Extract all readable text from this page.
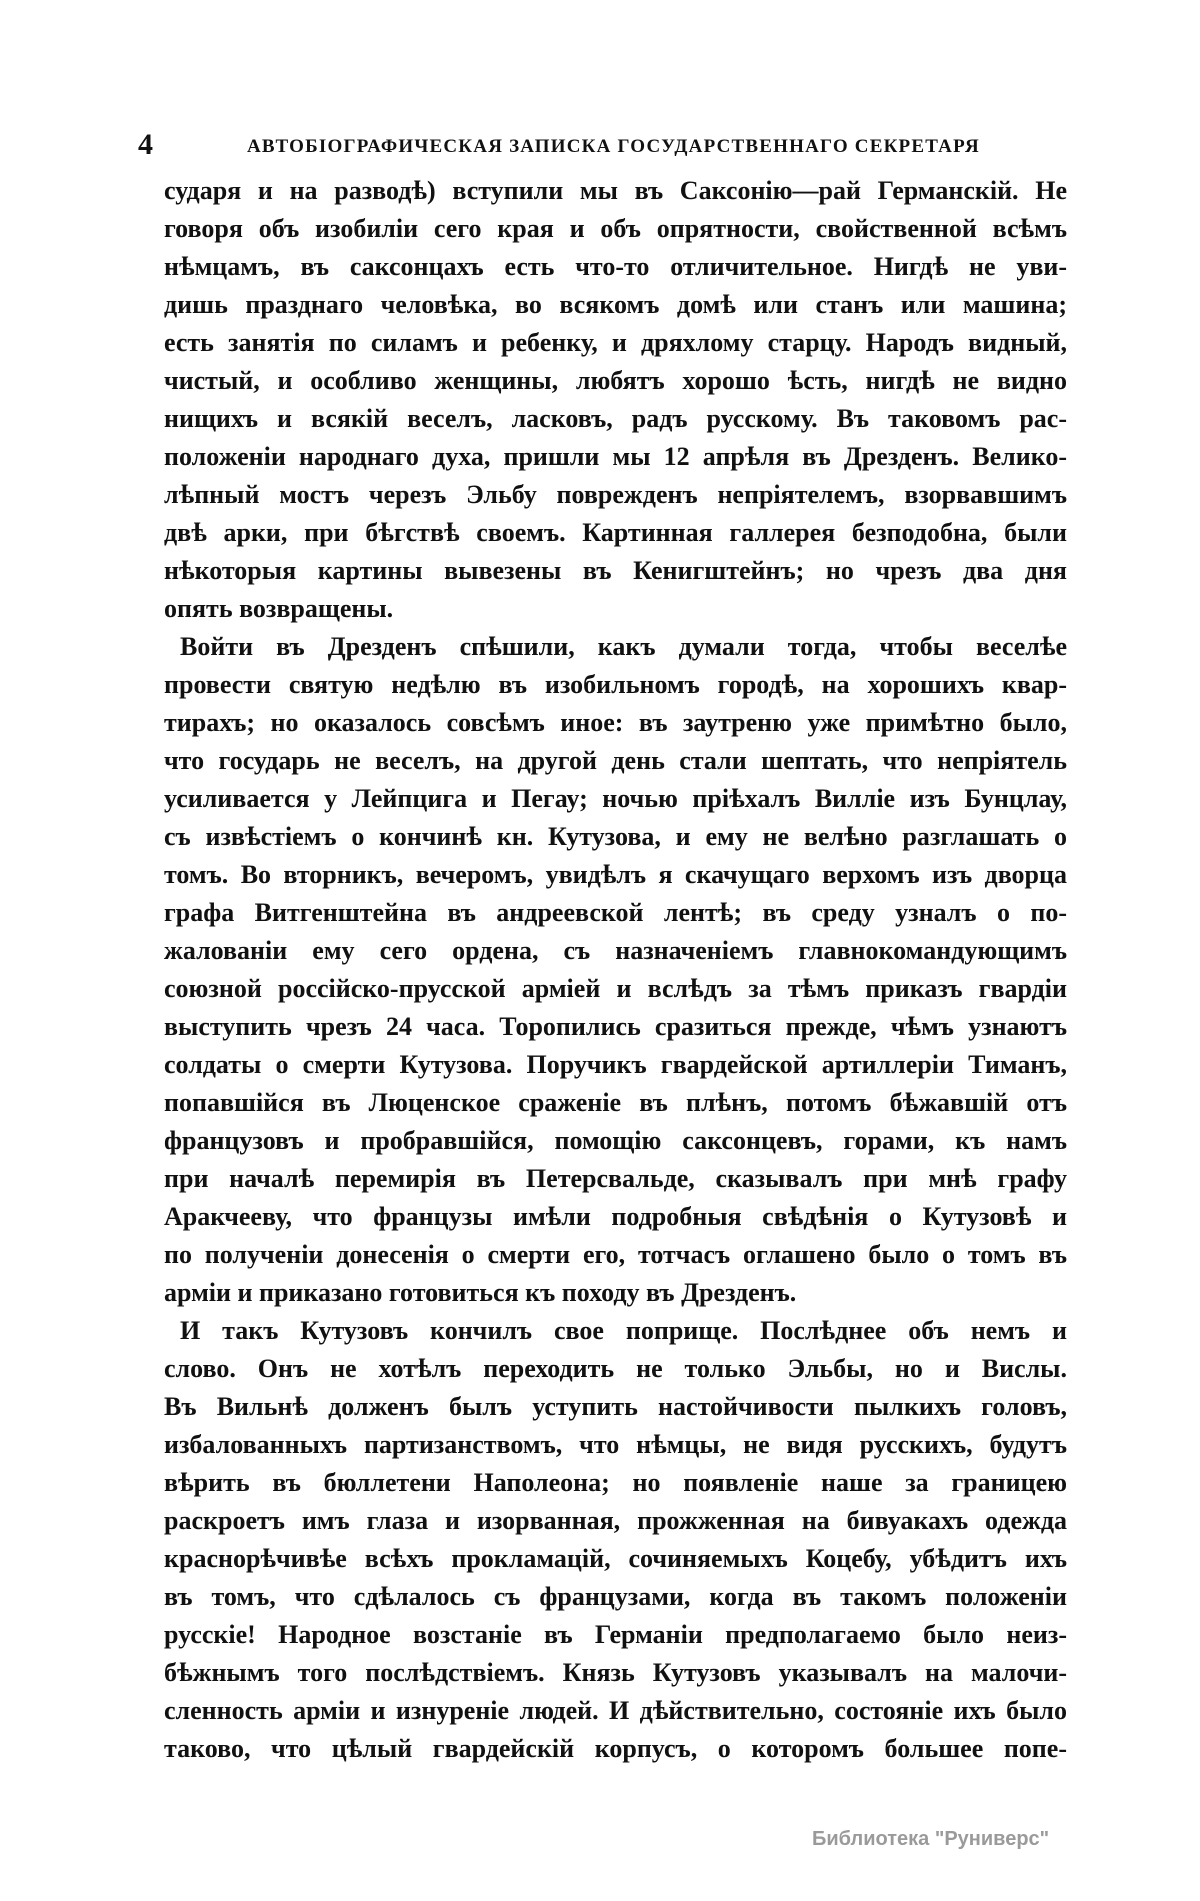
4	АВТОБІОГРАФИЧЕСКАЯ ЗАПИСКА ГОСУДАРСТВЕННАГО СЕКРЕТАРЯ
сударя и на разводѣ) вступили мы въ Саксонію—рай Германскій. Не
говоря объ изобиліи сего края и объ опрятности, свойственной всѣмъ
нѣмцамъ, въ саксонцахъ есть что-то отличительное. Нигдѣ не уви-
дишь празднаго человѣка, во всякомъ домѣ или станъ или машина;
есть занятія по силамъ и ребенку, и дряхлому старцу. Народъ видный,
чистый, и особливо женщины, любятъ хорошо ѣсть, нигдѣ не видно
нищихъ и всякій веселъ, ласковъ, радъ русскому. Въ таковомъ рас-
положеніи народнаго духа, пришли мы 12 апрѣля въ Дрезденъ. Велико-
лѣпный мостъ черезъ Эльбу поврежденъ непріятелемъ, взорвавшимъ
двѣ арки, при бѣгствѣ своемъ. Картинная галлерея безподобна, были
нѣкоторыя картины вывезены въ Кенигштейнъ; но чрезъ два дня
опять возвращены.
Войти въ Дрезденъ спѣшили, какъ думали тогда, чтобы веселѣе
провести святую недѣлю въ изобильномъ городѣ, на хорошихъ квар-
тирахъ; но оказалось совсѣмъ иное: въ заутреню уже примѣтно было,
что государь не веселъ, на другой день стали шептать, что непріятель
усиливается у Лейпцига и Пегау; ночью пріѣхалъ Вилліе изъ Бунцлау,
съ извѣстіемъ о кончинѣ кн. Кутузова, и ему не велѣно разглашать о
томъ. Во вторникъ, вечеромъ, увидѣлъ я скачущаго верхомъ изъ дворца
графа Витгенштейна въ андреевской лентѣ; въ среду узналъ о по-
жалованіи ему сего ордена, съ назначеніемъ главнокомандующимъ
союзной россійско-прусской арміей и вслѣдъ за тѣмъ приказъ гвардіи
выступить чрезъ 24 часа. Торопились сразиться прежде, чѣмъ узнаютъ
солдаты о смерти Кутузова. Поручикъ гвардейской артиллеріи Тиманъ,
попавшійся въ Люценское сраженіе въ плѣнъ, потомъ бѣжавшій отъ
французовъ и пробравшійся, помощію саксонцевъ, горами, къ намъ
при началѣ перемирія въ Петерсвальде, сказывалъ при мнѣ графу
Аракчееву, что французы имѣли подробныя свѣдѣнія о Кутузовѣ и
по полученіи донесенія о смерти его, тотчасъ оглашено было о томъ въ
арміи и приказано готовиться къ походу въ Дрезденъ.
И такъ Кутузовъ кончилъ свое поприще. Послѣднее объ немъ и
слово. Онъ не хотѣлъ переходить не только Эльбы, но и Вислы.
Въ Вильнѣ долженъ былъ уступить настойчивости пылкихъ головъ,
избалованныхъ партизанствомъ, что нѣмцы, не видя русскихъ, будутъ
вѣрить въ бюллетени Наполеона; но появленіе наше за границею
раскроетъ имъ глаза и изорванная, прожженная на бивуакахъ одежда
краснорѣчивѣе всѣхъ прокламацій, сочиняемыхъ Коцебу, убѣдитъ ихъ
въ томъ, что сдѣлалось съ французами, когда въ такомъ положеніи
русскіе! Народное возстаніе въ Германіи предполагаемо было неиз-
бѣжнымъ того послѣдствіемъ. Князь Кутузовъ указывалъ на малочи-
сленность арміи и изнуреніе людей. И дѣйствительно, состояніе ихъ было
таково, что цѣлый гвардейскій корпусъ, о которомъ большее попе-
Библиотека "Руниверс"
